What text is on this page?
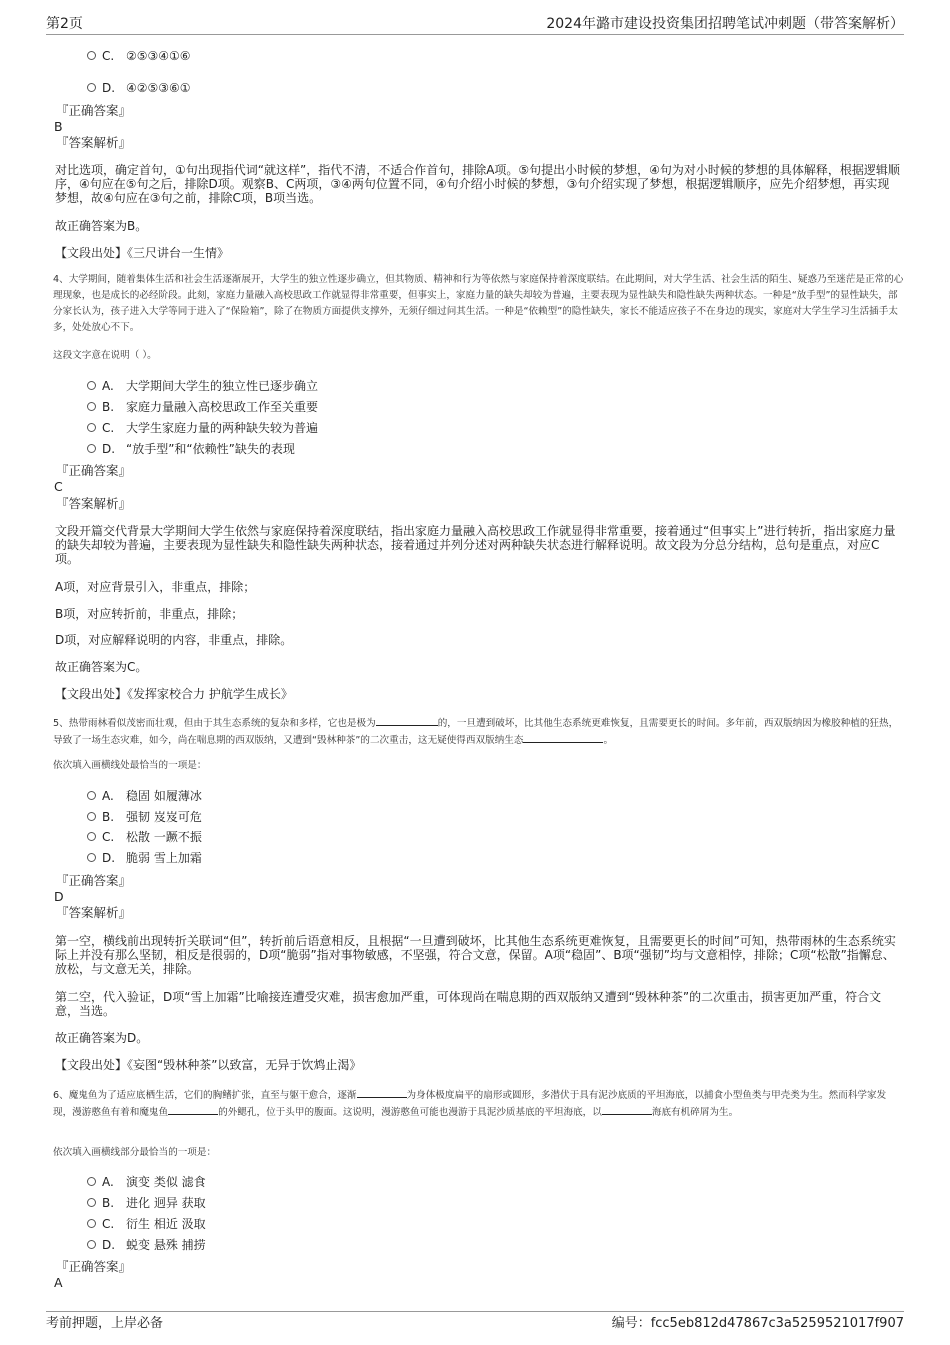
第2页	2024年潞市建设投资集团招聘笔试冲刺题（带答案解析）
C. ②⑤③④①⑥
D. ④②⑤③⑥①
『正确答案』
B
『答案解析』
对比选项，确定首句，①句出现指代词“就这样”，指代不清，不适合作首句，排除A项。⑤句提出小时候的梦想，④句为对小时候的梦想的具体解释，根据逻辑顺序，④句应在⑤句之后，排除D项。观察B、C两项，③④两句位置不同，④句介绍小时候的梦想，③句介绍实现了梦想，根据逻辑顺序，应先介绍梦想，再实现梦想，故④句应在③句之前，排除C项，B项当选。
故正确答案为B。
【文段出处】《三尺讲台一生情》
4、大学期间，随着集体生活和社会生活逐渐展开，大学生的独立性逐步确立，但其物质、精神和行为等依然与家庭保持着深度联结。在此期间，对大学生活、社会生活的陌生、疑惑乃至迷茫是正常的心理现象，也是成长的必经阶段。此刻，家庭力量融入高校思政工作就显得非常重要，但事实上，家庭力量的缺失却较为普遍，主要表现为显性缺失和隐性缺失两种状态。一种是“放手型”的显性缺失，部分家长认为，孩子进入大学等同于进入了“保险箱”，除了在物质方面提供支撑外，无须仔细过问其生活。一种是“依赖型”的隐性缺失，家长不能适应孩子不在身边的现实，家庭对大学生学习生活插手太多，处处放心不下。
这段文字意在说明（ ）。
A. 大学期间大学生的独立性已逐步确立
B. 家庭力量融入高校思政工作至关重要
C. 大学生家庭力量的两种缺失较为普遍
D. “放手型”和“依赖性”缺失的表现
『正确答案』
C
『答案解析』
文段开篇交代背景大学期间大学生依然与家庭保持着深度联结，指出家庭力量融入高校思政工作就显得非常重要，接着通过“但事实上”进行转折，指出家庭力量的缺失却较为普遍，主要表现为显性缺失和隐性缺失两种状态，接着通过并列分述对两种缺失状态进行解释说明。故文段为分总分结构，总句是重点，对应C项。
A项，对应背景引入，非重点，排除；
B项，对应转折前，非重点，排除；
D项，对应解释说明的内容，非重点，排除。
故正确答案为C。
【文段出处】《发挥家校合力 护航学生成长》
5、热带雨林看似茂密而壮观，但由于其生态系统的复杂和多样，它也是极为	的，一旦遭到破坏，比其他生态系统更难恢复，且需要更长的时间。多年前，西双版纳因为橡胶种植的狂热，导致了一场生态灾难，如今，尚在喘息期的西双版纳，又遭到“毁林种茶”的二次重击，这无疑使得西双版纳生态	。
依次填入画横线处最恰当的一项是：
A. 稳固 如履薄冰
B. 强韧 岌岌可危
C. 松散 一蹶不振
D. 脆弱 雪上加霜
『正确答案』
D
『答案解析』
第一空，横线前出现转折关联词“但”，转折前后语意相反，且根据“一旦遭到破坏，比其他生态系统更难恢复，且需要更长的时间”可知，热带雨林的生态系统实际上并没有那么坚韧，相反是很弱的，D项“脆弱”指对事物敏感，不坚强，符合文意，保留。A项“稳固”、B项“强韧”均与文意相悖，排除；C项“松散”指懈怠、放松，与文意无关，排除。
第二空，代入验证，D项“雪上加霜”比喻接连遭受灾难，损害愈加严重，可体现尚在喘息期的西双版纳又遭到“毁林种茶”的二次重击，损害更加严重，符合文意，当选。
故正确答案为D。
【文段出处】《妄图“毁林种茶”以致富，无异于饮鸩止渴》
6、魔鬼鱼为了适应底栖生活，它们的胸鳍扩张，直至与躯干愈合，逐渐	为身体极度扁平的扇形或圆形，多潜伏于具有泥沙底质的平坦海底，以捕食小型鱼类与甲壳类为生。然而科学家发现，漫游憨鱼有着和魔鬼鱼	的外鳃孔，位于头甲的腹面。这说明，漫游憨鱼可能也漫游于具泥沙质基底的平坦海底，以	海底有机碎屑为生。
依次填入画横线部分最恰当的一项是：
A. 演变 类似 滤食
B. 进化 迥异 获取
C. 衍生 相近 汲取
D. 蜕变 悬殊 捕捞
『正确答案』
A
考前押题，上岸必备	编号：fcc5eb812d47867c3a5259521017f907
